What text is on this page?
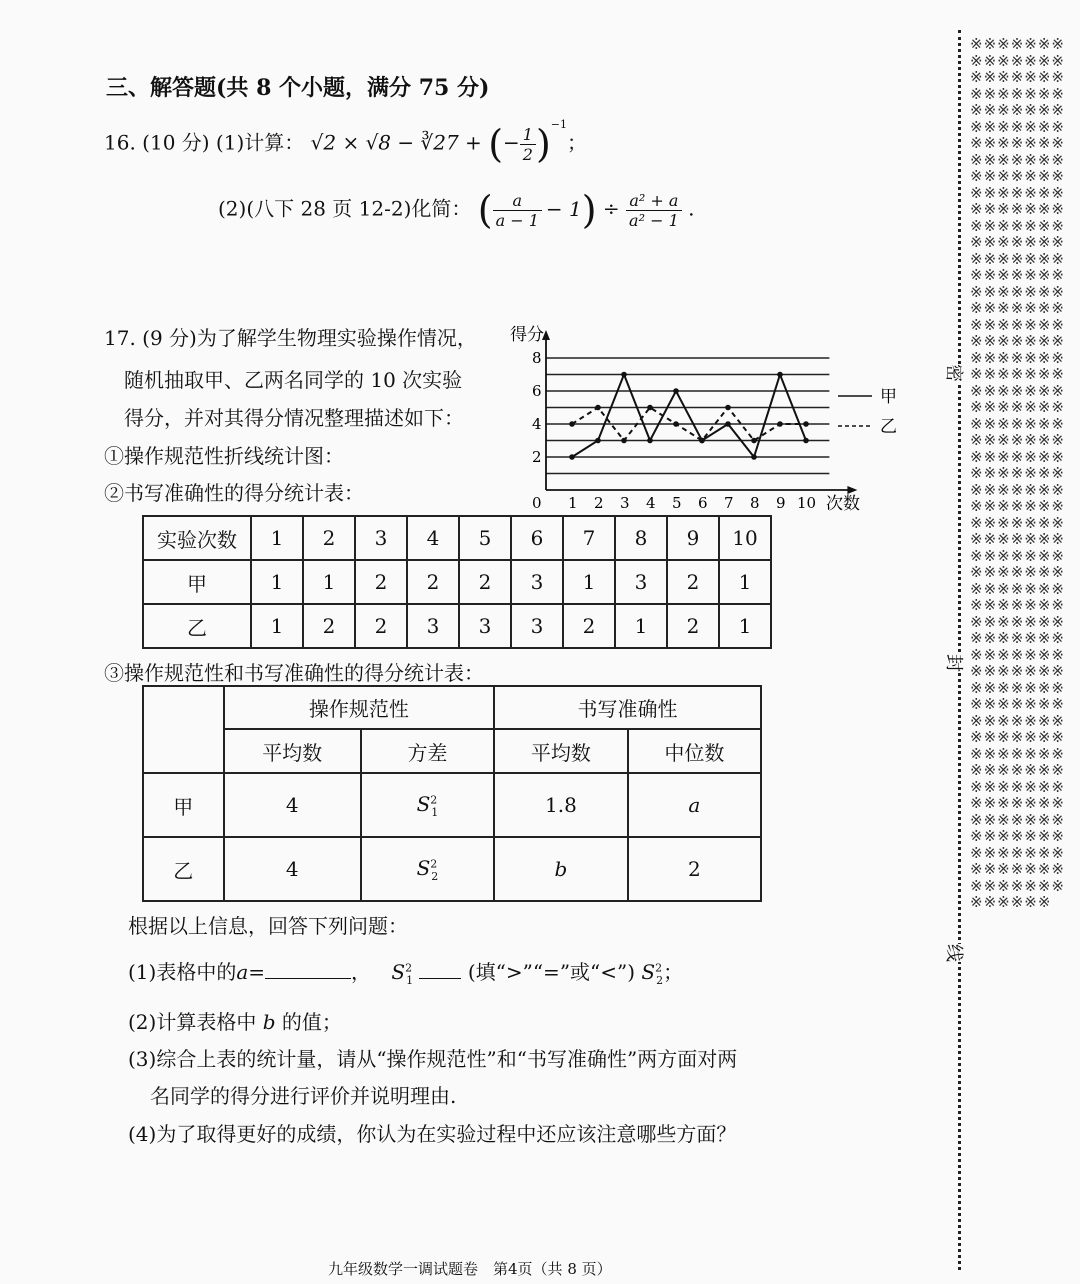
三、解答题(共 8 个小题，满分 75 分)
16. (10 分) (1)计算： √2 × √8 − ∛27 + (− $\frac{1}{2} )^{-1}$；
(2)(八下 28 页 12-2)化简： ( $\frac{a}{a - 1} - 1) \div \frac{\text{a² + a}}{\text{a² − 1}}$ .
17. (9 分)为了解学生物理实验操作情况，
随机抽取甲、乙两名同学的 10 次实验
得分，并对其得分情况整理描述如下：
①操作规范性折线统计图：
②书写准确性的得分统计表：
得分
次数
0
2
4
6
8
1 2 3 4 5 6 7 8 9 10
甲
乙
实验次数	1	2	3	4	5	6	7	8	9	10
甲	1	1	2	2	2	3	1	3	2	1
乙	1	2	2	3	3	3	2	1	2	1
③操作规范性和书写准确性的得分统计表：
	操作规范性		书写准确性	
	平均数	方差	平均数	中位数
甲	4	$S^2_1$	1.8	a
乙	4	$S^2_2$	b	2
根据以上信息，回答下列问题：
(1)表格中的a=	， $S^2_1$	(填“>”“=”或“<”) $S^2_2$；
(2)计算表格中 b 的值；
(3)综合上表的统计量，请从“操作规范性”和“书写准确性”两方面对两
名同学的得分进行评价并说明理由.
(4)为了取得更好的成绩，你认为在实验过程中还应该注意哪些方面？
九年级数学一调试题卷　第4页（共 8 页）
密
封
线
※※※※※※※※※※※※※※※※※※※※※※※※※※※※※※※※※※※※※※※※※※※※※※※※※※※※※※※※※※※※※※※※※※※※※※※※※※※※※※※※※※※※※※※※※※※※※※※※※※※※※※※※※※※※※※※※※※※※※※※※※※※※※※※※※※※※※※※※※※※※※※※※※※※※※※※※※※※※※※※※※※※※※※※※※※※※※※※※※※※※※※※※※※※※※※※※※※※※※※※※※※※※※※※※※※※※※※※※※※※※※※※※※※※※※※※※※※※※※※※※※※※※※※※※※※※※※※※※※※※※※※※※※※※※※※※※※※※※※※※※※※※※※※※※※※※※※※※※※※※※※※※※※※※※※※※※※※※※※※※※※※※※※※※※※※※※※※※※※※※※※※※※※※※※※※※※※※※※※※※※※※※※※※※※※※
